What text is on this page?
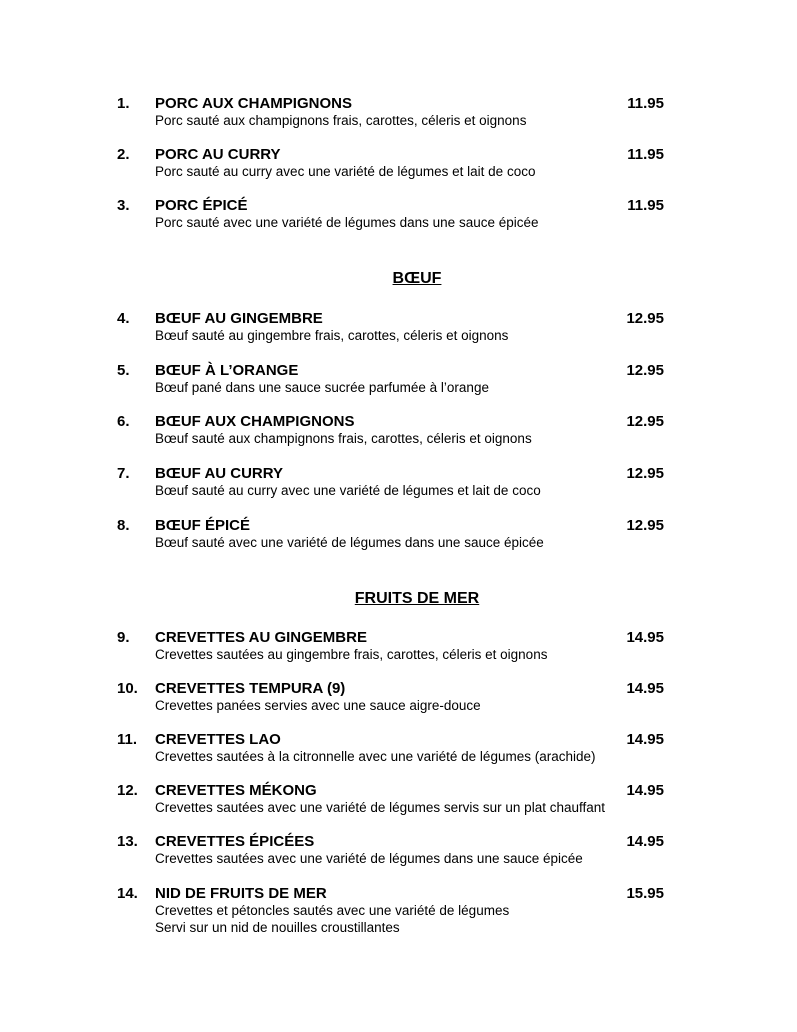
1. PORC AUX CHAMPIGNONS	11.95
Porc sauté aux champignons frais, carottes, céleris et oignons
2. PORC AU CURRY	11.95
Porc sauté au curry avec une variété de légumes et lait de coco
3. PORC ÉPICÉ	11.95
Porc sauté avec une variété de légumes dans une sauce épicée
BŒUF
4. BŒUF AU GINGEMBRE	12.95
Bœuf sauté au gingembre frais, carottes, céleris et oignons
5. BŒUF À L’ORANGE	12.95
Bœuf pané dans une sauce sucrée parfumée à l’orange
6. BŒUF AUX CHAMPIGNONS	12.95
Bœuf sauté aux champignons frais, carottes, céleris et oignons
7. BŒUF AU CURRY	12.95
Bœuf sauté au curry avec une variété de légumes et lait de coco
8. BŒUF ÉPICÉ	12.95
Bœuf sauté avec une variété de légumes dans une sauce épicée
FRUITS DE MER
9. CREVETTES AU GINGEMBRE	14.95
Crevettes sautées au gingembre frais, carottes, céleris et oignons
10. CREVETTES TEMPURA (9)	14.95
Crevettes panées servies avec une sauce aigre-douce
11. CREVETTES LAO	14.95
Crevettes sautées à la citronnelle avec une variété de légumes (arachide)
12. CREVETTES MÉKONG	14.95
Crevettes sautées avec une variété de légumes servis sur un plat chauffant
13. CREVETTES ÉPICÉES	14.95
Crevettes sautées avec une variété de légumes dans une sauce épicée
14. NID DE FRUITS DE MER	15.95
Crevettes et pétoncles sautés avec une variété de légumes
Servi sur un nid de nouilles croustillantes
